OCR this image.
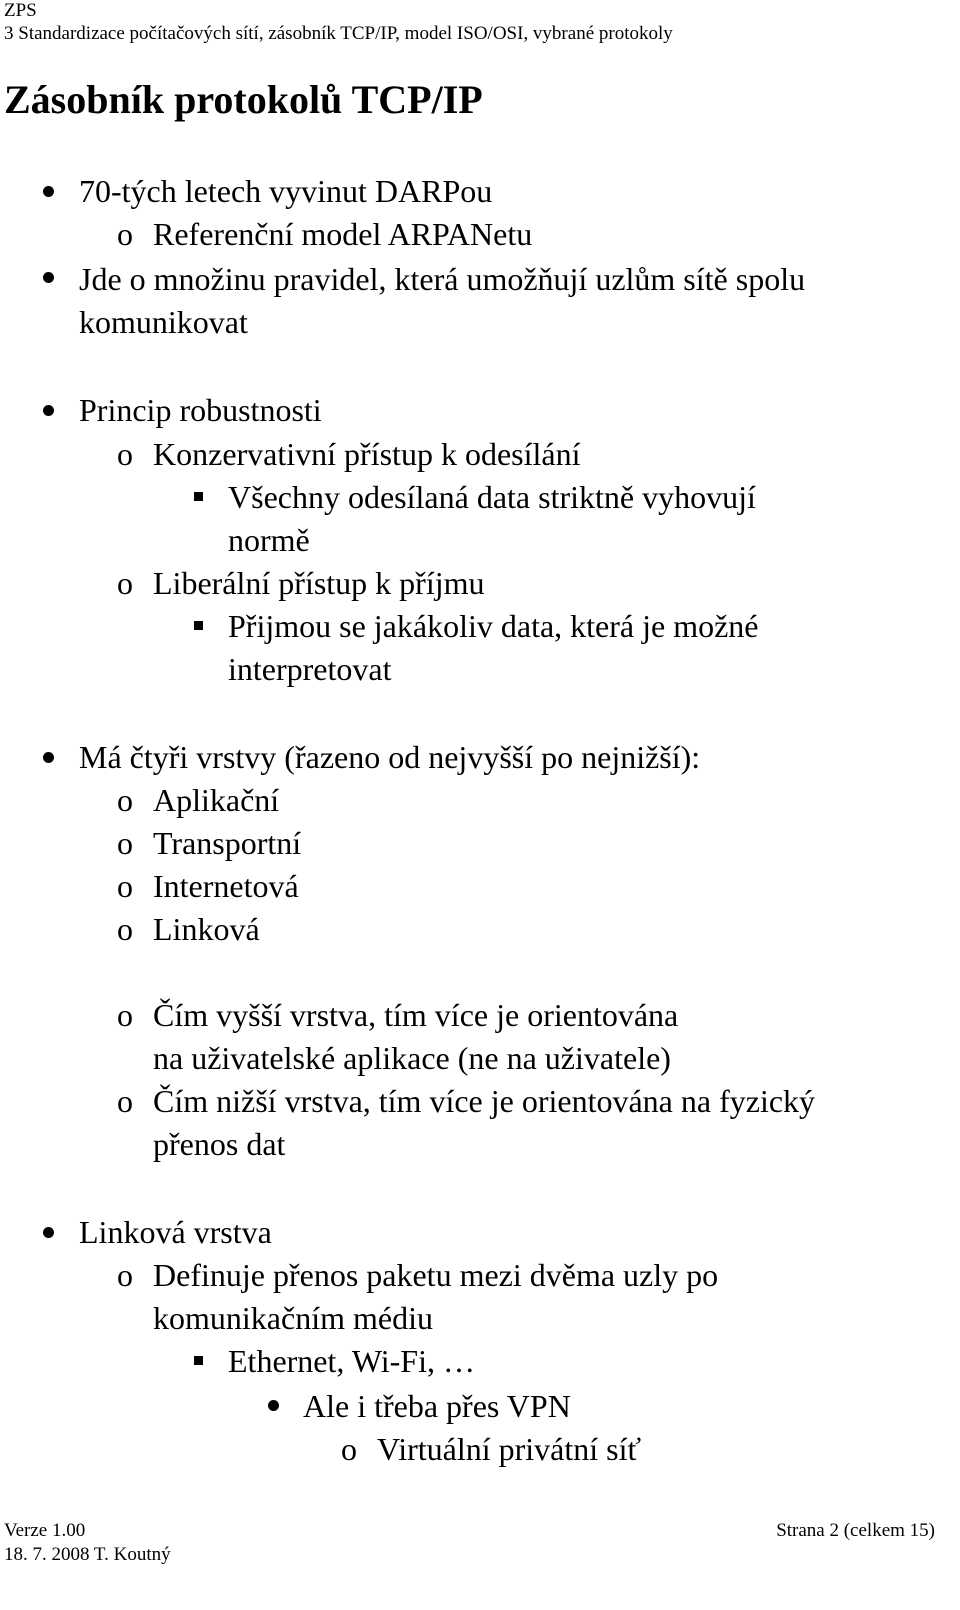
ZPS
3 Standardizace počítačových sítí, zásobník TCP/IP, model ISO/OSI, vybrané protokoly
Zásobník protokolů TCP/IP
70-tých letech vyvinut DARPou
o Referenční model ARPANetu
Jde o množinu pravidel, která umožňují uzlům sítě spolu
komunikovat
Princip robustnosti
o Konzervativní přístup k odesílání
Všechny odesílaná data striktně vyhovují
normě
o Liberální přístup k příjmu
Přijmou se jakákoliv data, která je možné
interpretovat
Má čtyři vrstvy (řazeno od nejvyšší po nejnižší):
o Aplikační
o Transportní
o Internetová
o Linková
o Čím vyšší vrstva, tím více je orientována
na uživatelské aplikace (ne na uživatele)
o Čím nižší vrstva, tím více je orientována na fyzický
přenos dat
Linková vrstva
o Definuje přenos paketu mezi dvěma uzly po
komunikačním médiu
Ethernet, Wi-Fi, …
Ale i třeba přes VPN
o Virtuální privátní síť
Verze 1.00
18. 7. 2008 T. Koutný
Strana 2 (celkem 15)
